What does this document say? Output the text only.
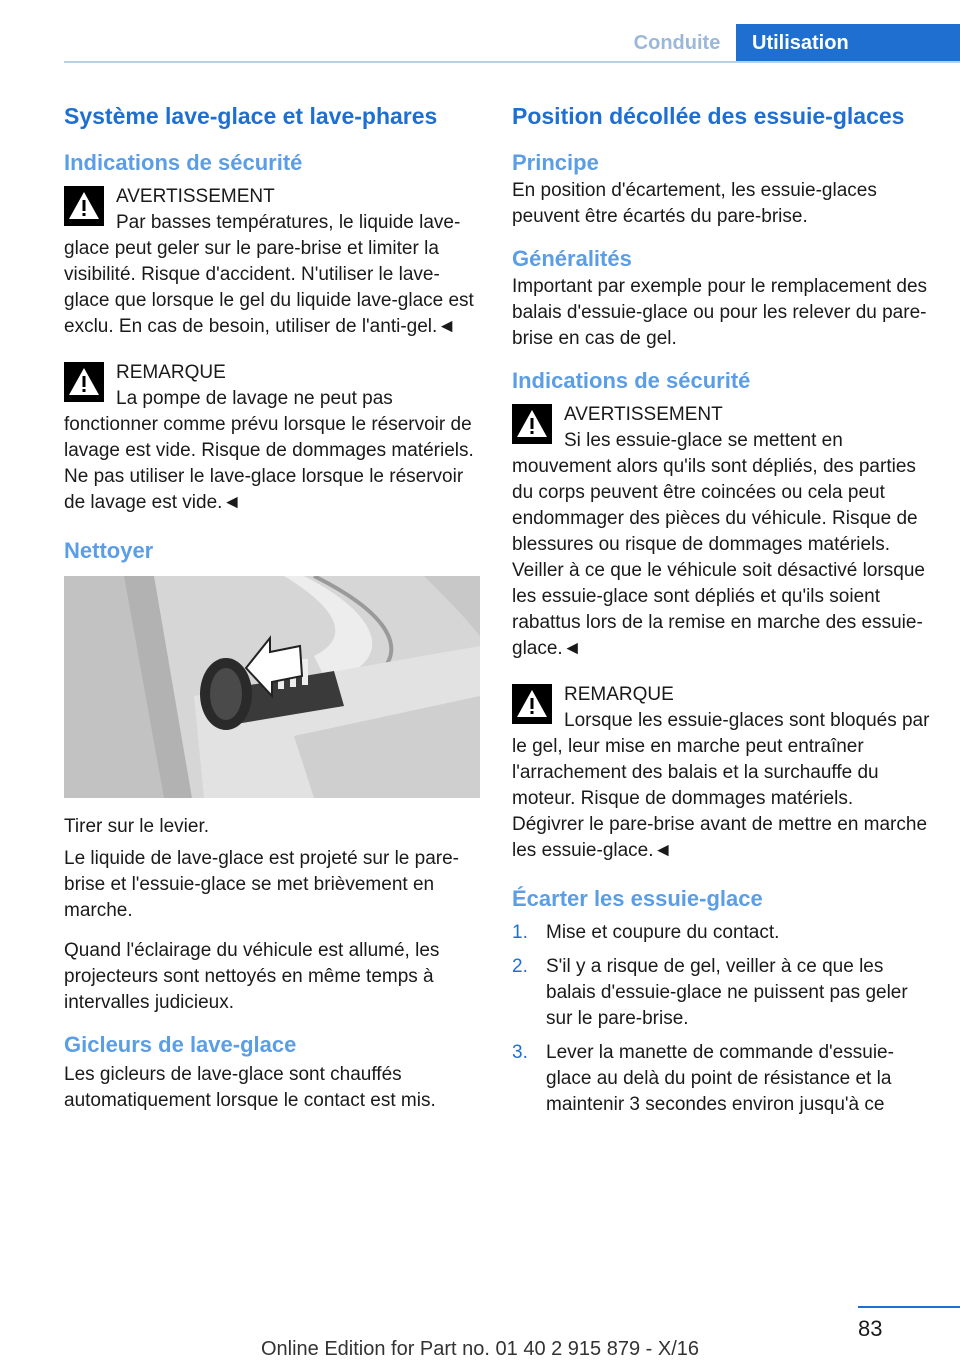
Conduite	Utilisation
Système lave-glace et lave-phares
Indications de sécurité
AVERTISSEMENT
Par basses températures, le liquide lave-glace peut geler sur le pare-brise et limiter la visibilité. Risque d'accident. N'utiliser le lave-glace que lorsque le gel du liquide lave-glace est exclu. En cas de besoin, utiliser de l'anti-gel.◄
REMARQUE
La pompe de lavage ne peut pas fonctionner comme prévu lorsque le réservoir de lavage est vide. Risque de dommages matériels. Ne pas utiliser le lave-glace lorsque le réservoir de lavage est vide.◄
Nettoyer

Tirer sur le levier.

Le liquide de lave-glace est projeté sur le pare-brise et l'essuie-glace se met brièvement en marche.

Quand l'éclairage du véhicule est allumé, les projecteurs sont nettoyés en même temps à intervalles judicieux.

Gicleurs de lave-glace

Les gicleurs de lave-glace sont chauffés automatiquement lorsque le contact est mis.

Position décollée des essuie-glaces
Principe

En position d'écartement, les essuie-glaces peuvent être écartés du pare-brise.

Généralités

Important par exemple pour le remplacement des balais d'essuie-glace ou pour les relever du pare-brise en cas de gel.

Indications de sécurité
AVERTISSEMENT
Si les essuie-glace se mettent en mouvement alors qu'ils sont dépliés, des parties du corps peuvent être coincées ou cela peut endommager des pièces du véhicule. Risque de blessures ou risque de dommages matériels. Veiller à ce que le véhicule soit désactivé lorsque les essuie-glace sont dépliés et qu'ils soient rabattus lors de la remise en marche des essuie-glace.◄
REMARQUE
Lorsque les essuie-glaces sont bloqués par le gel, leur mise en marche peut entraîner l'arrachement des balais et la surchauffe du moteur. Risque de dommages matériels. Dégivrer le pare-brise avant de mettre en marche les essuie-glace.◄
Écarter les essuie-glace
1. Mise et coupure du contact.
2. S'il y a risque de gel, veiller à ce que les balais d'essuie-glace ne puissent pas geler sur le pare-brise.
3. Lever la manette de commande d'essuie-glace au delà du point de résistance et la maintenir 3 secondes environ jusqu'à ce
83
Online Edition for Part no. 01 40 2 915 879 - X/16
